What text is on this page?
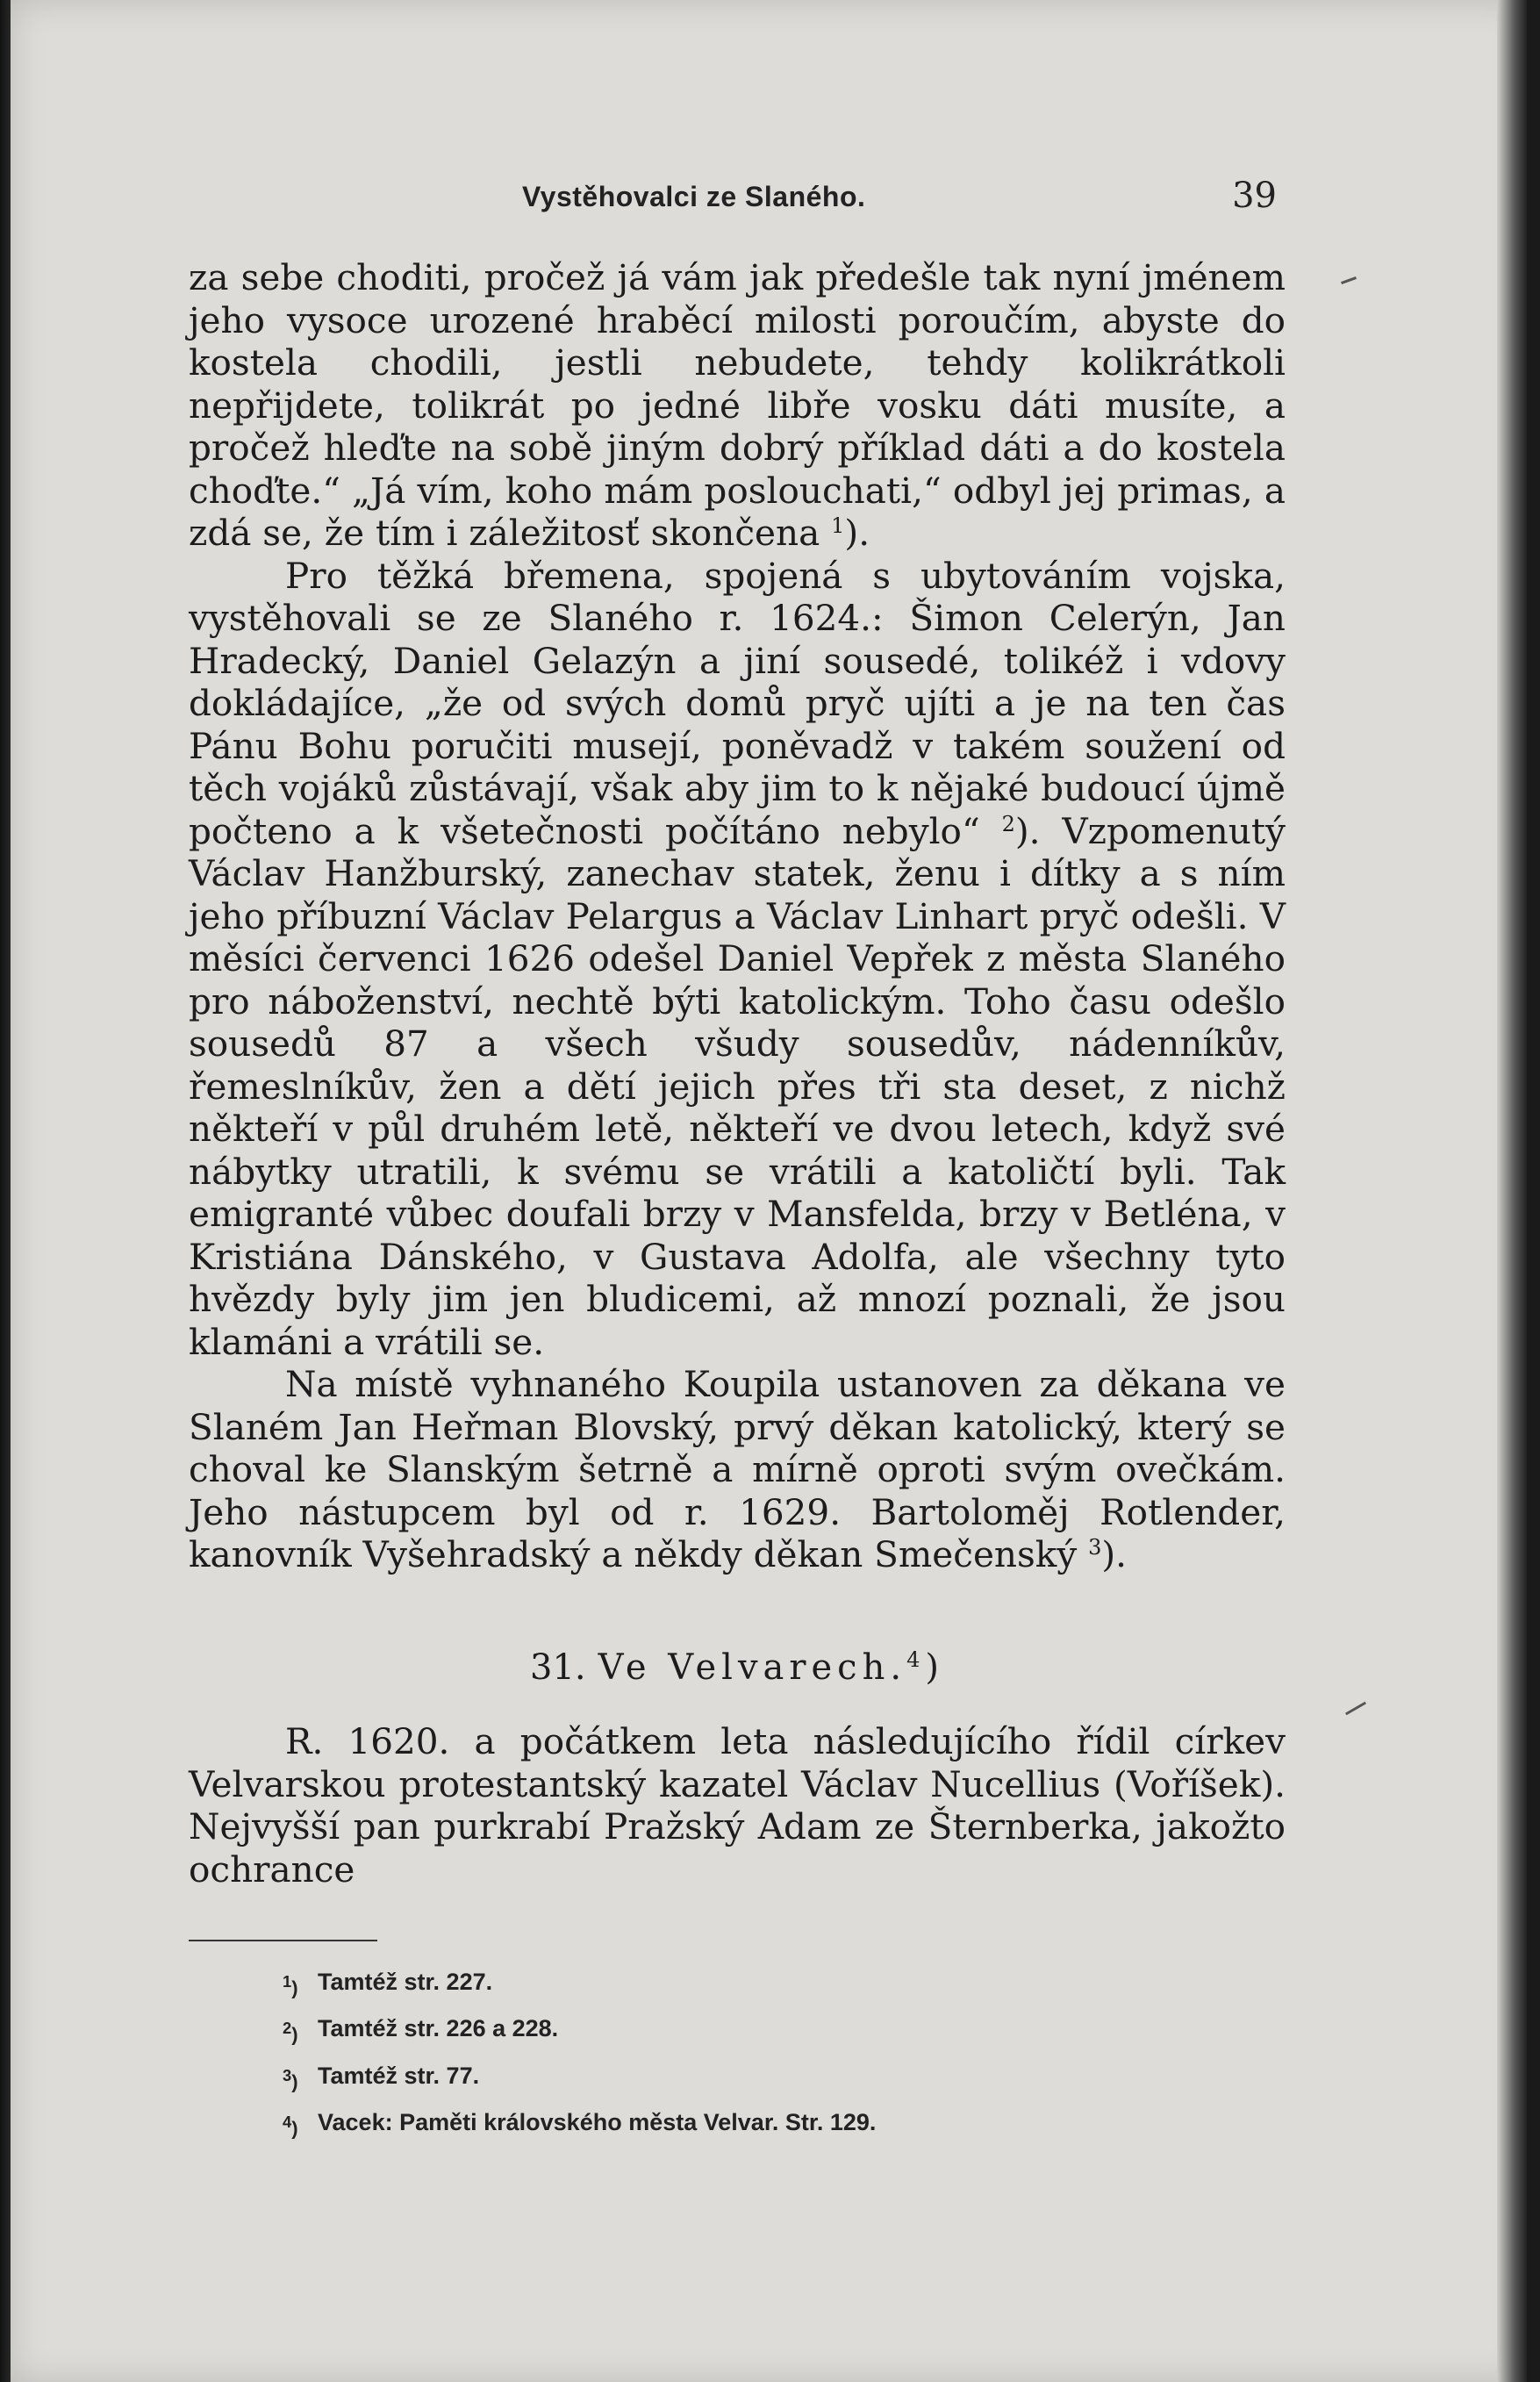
Vystěhovalci ze Slaného.	39

za sebe choditi, pročež já vám jak předešle tak nyní jménem jeho vysoce urozené hraběcí milosti poroučím, abyste do kostela chodili, jestli nebudete, tehdy kolikrátkoli nepřijdete, tolikrát po jedné libře vosku dáti musíte, a pročež hleďte na sobě jiným dobrý příklad dáti a do kostela choďte.“ „Já vím, koho mám poslouchati,“ odbyl jej primas, a zdá se, že tím i záležitosť skončena $^1$).

Pro těžká břemena, spojená s ubytováním vojska, vystěhovali se ze Slaného r. 1624.: Šimon Celerýn, Jan Hradecký, Daniel Gelazýn a jiní sousedé, tolikéž i vdovy dokládajíce, „že od svých domů pryč ujíti a je na ten čas Pánu Bohu poručiti musejí, poněvadž v takém soužení od těch vojáků zůstávají, však aby jim to k nějaké budoucí újmě počteno a k všetečnosti počítáno nebylo“ $^2$). Vzpomenutý Václav Hanžburský, zanechav statek, ženu i dítky a s ním jeho příbuzní Václav Pelargus a Václav Linhart pryč odešli. V měsíci červenci 1626 odešel Daniel Vepřek z města Slaného pro náboženství, nechtě býti katolickým. Toho času odešlo sousedů 87 a všech všudy sousedův, nádenníkův, řemeslníkův, žen a dětí jejich přes tři sta deset, z nichž někteří v půl druhém letě, někteří ve dvou letech, když své nábytky utratili, k svému se vrátili a katoličtí byli. Tak emigranté vůbec doufali brzy v Mansfelda, brzy v Betléna, v Kristiána Dánského, v Gustava Adolfa, ale všechny tyto hvězdy byly jim jen bludicemi, až mnozí poznali, že jsou klamáni a vrátili se.

Na místě vyhnaného Koupila ustanoven za děkana ve Slaném Jan Heřman Blovský, prvý děkan katolický, který se choval ke Slanským šetrně a mírně oproti svým ovečkám. Jeho nástupcem byl od r. 1629. Bartoloměj Rotlender, kanovník Vyšehradský a někdy děkan Smečenský $^3$).

31. Ve Velvarech.$^4$)

R. 1620. a počátkem leta následujícího řídil církev Velvarskou protestantský kazatel Václav Nucellius (Voříšek). Nejvyšší pan purkrabí Pražský Adam ze Šternberka, jakožto ochrance

$^1$) Tamtéž str. 227.
$^2$) Tamtéž str. 226 a 228.
$^3$) Tamtéž str. 77.
$^4$) Vacek: Paměti královského města Velvar. Str. 129.
